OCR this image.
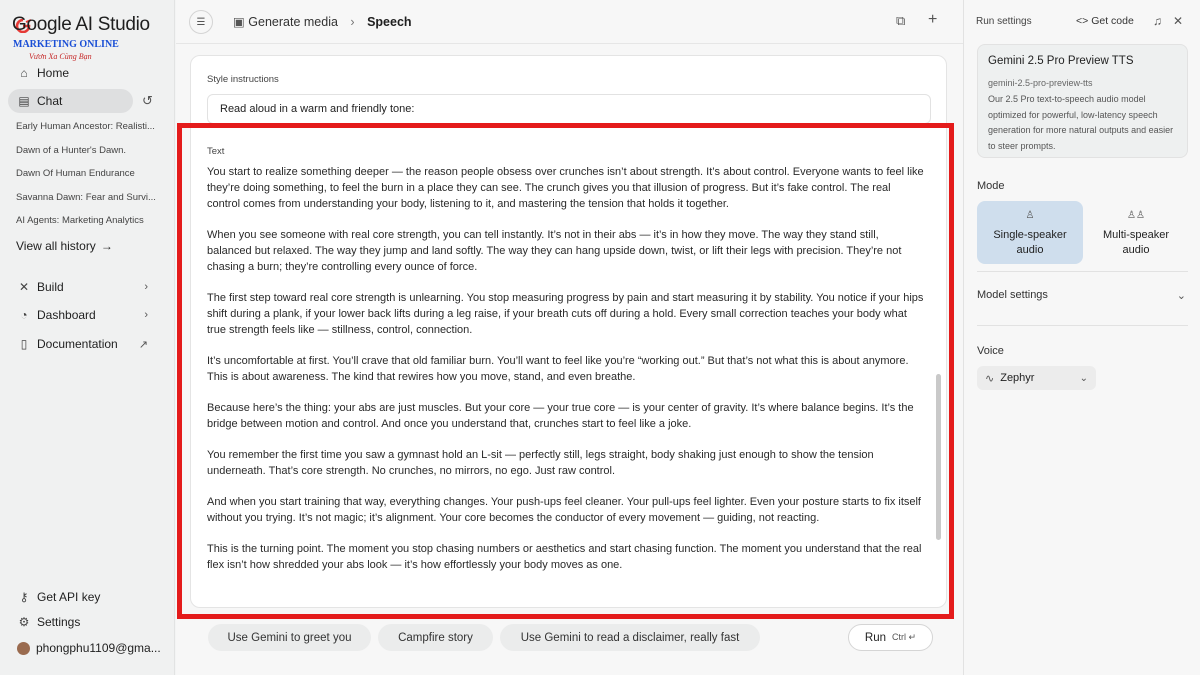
Google AI Studio
MARKETING ONLINE
Vươn Xa Cùng Bạn
⌂ Home
▤ Chat	↺
Early Human Ancestor: Realisti...
Dawn of a Hunter's Dawn.
Dawn Of Human Endurance
Savanna Dawn: Fear and Survi...
AI Agents: Marketing Analytics
View all history →
✕ Build	›
◔ Dashboard	›
▯ Documentation ↗
⚷ Get API key
⚙ Settings
phongphu1109@gma...
☰	▣ Generate media › Speech	⧉ +
Style instructions
Read aloud in a warm and friendly tone:
Text

You start to realize something deeper — the reason people obsess over crunches isn’t about strength. It’s about control. Everyone wants to feel like they’re doing something, to feel the burn in a place they can see. The crunch gives you that illusion of progress. But it’s fake control. The real control comes from understanding your body, listening to it, and mastering the tension that holds it together.

When you see someone with real core strength, you can tell instantly. It’s not in their abs — it’s in how they move. The way they stand still, balanced but relaxed. The way they jump and land softly. The way they can hang upside down, twist, or lift their legs with precision. They’re not chasing a burn; they’re controlling every ounce of force.

The first step toward real core strength is unlearning. You stop measuring progress by pain and start measuring it by stability. You notice if your hips shift during a plank, if your lower back lifts during a leg raise, if your breath cuts off during a hold. Every small correction teaches your body what true strength feels like — stillness, control, connection.

It’s uncomfortable at first. You’ll crave that old familiar burn. You’ll want to feel like you’re “working out.” But that’s not what this is about anymore. This is about awareness. The kind that rewires how you move, stand, and even breathe.

Because here’s the thing: your abs are just muscles. But your core — your true core — is your center of gravity. It’s where balance begins. It’s the bridge between motion and control. And once you understand that, crunches start to feel like a joke.

You remember the first time you saw a gymnast hold an L-sit — perfectly still, legs straight, body shaking just enough to show the tension underneath. That’s core strength. No crunches, no mirrors, no ego. Just raw control.

And when you start training that way, everything changes. Your push-ups feel cleaner. Your pull-ups feel lighter. Even your posture starts to fix itself without you trying. It’s not magic; it’s alignment. Your core becomes the conductor of every movement — guiding, not reacting.

This is the turning point. The moment you stop chasing numbers or aesthetics and start chasing function. The moment you understand that the real flex isn’t how shredded your abs look — it’s how effortlessly your body moves as one.

Use Gemini to greet you	Campfire story	Use Gemini to read a disclaimer, really fast	Run Ctrl ↵
Run settings	<> Get code ♫ ✕
Gemini 2.5 Pro Preview TTS
gemini-2.5-pro-preview-tts
Our 2.5 Pro text-to-speech audio model optimized for powerful, low-latency speech generation for more natural outputs and easier to steer prompts.
Mode
♙
Single-speaker
audio
♙♙
Multi-speaker
audio
Model settings	⌄
Voice
∿ Zephyr	⌄
